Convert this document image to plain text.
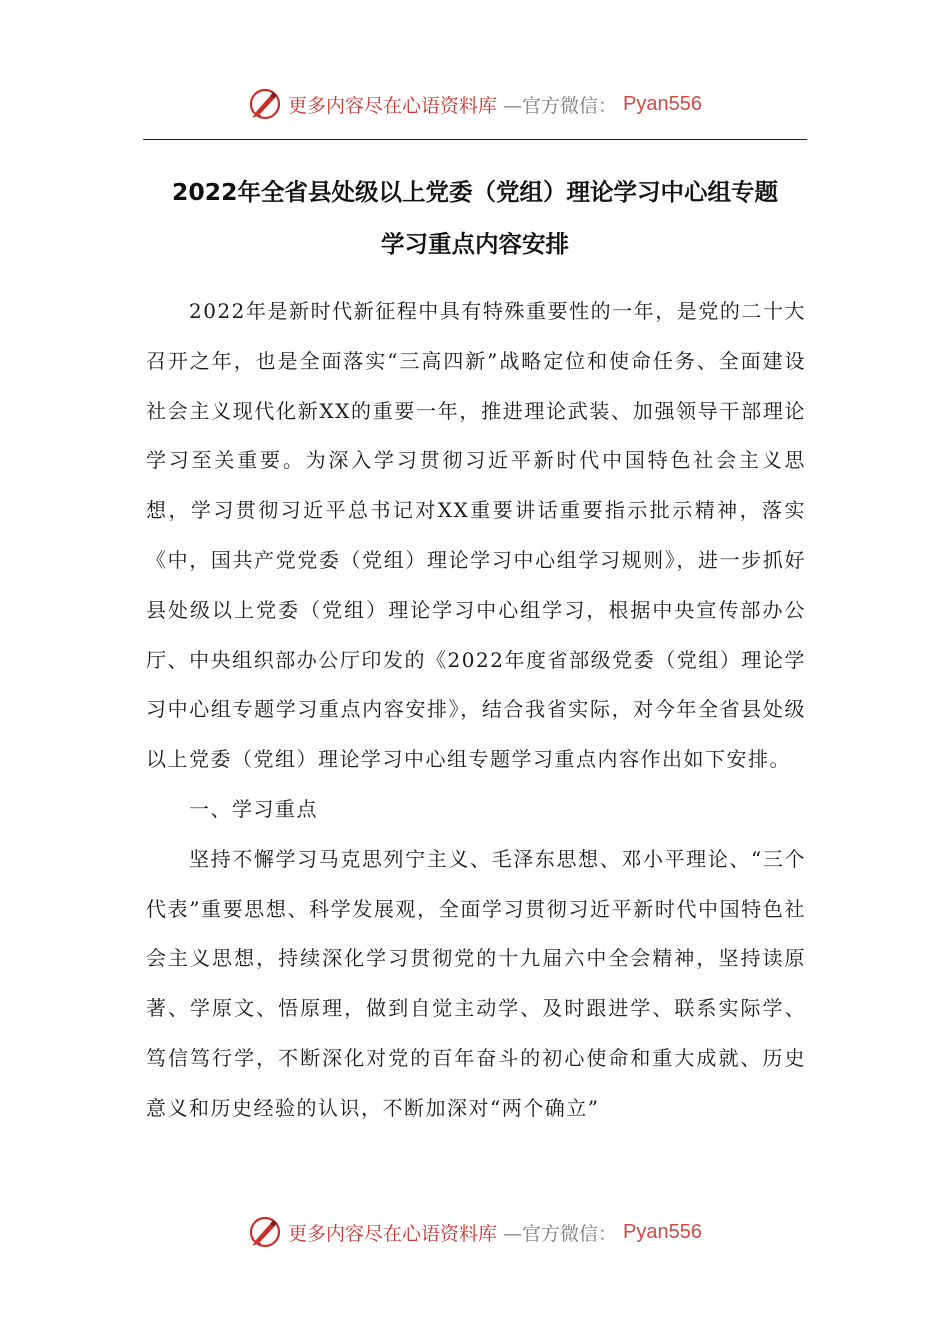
更多内容尽在心语资料库 —官方微信： Pyan556
2022年全省县处级以上党委（党组）理论学习中心组专题
学习重点内容安排

2022年是新时代新征程中具有特殊重要性的一年，是党的二十大召开之年，也是全面落实“三高四新”战略定位和使命任务、全面建设社会主义现代化新XX的重要一年，推进理论武装、加强领导干部理论学习至关重要。为深入学习贯彻习近平新时代中国特色社会主义思想，学习贯彻习近平总书记对XX重要讲话重要指示批示精神，落实《中，国共产党党委（党组）理论学习中心组学习规则》，进一步抓好县处级以上党委（党组）理论学习中心组学习，根据中央宣传部办公厅、中央组织部办公厅印发的《2022年度省部级党委（党组）理论学习中心组专题学习重点内容安排》，结合我省实际，对今年全省县处级以上党委（党组）理论学习中心组专题学习重点内容作出如下安排。

一、学习重点

坚持不懈学习马克思列宁主义、毛泽东思想、邓小平理论、“三个代表”重要思想、科学发展观，全面学习贯彻习近平新时代中国特色社会主义思想，持续深化学习贯彻党的十九届六中全会精神，坚持读原著、学原文、悟原理，做到自觉主动学、及时跟进学、联系实际学、笃信笃行学，不断深化对党的百年奋斗的初心使命和重大成就、历史意义和历史经验的认识，不断加深对“两个确立”

更多内容尽在心语资料库 —官方微信： Pyan556
